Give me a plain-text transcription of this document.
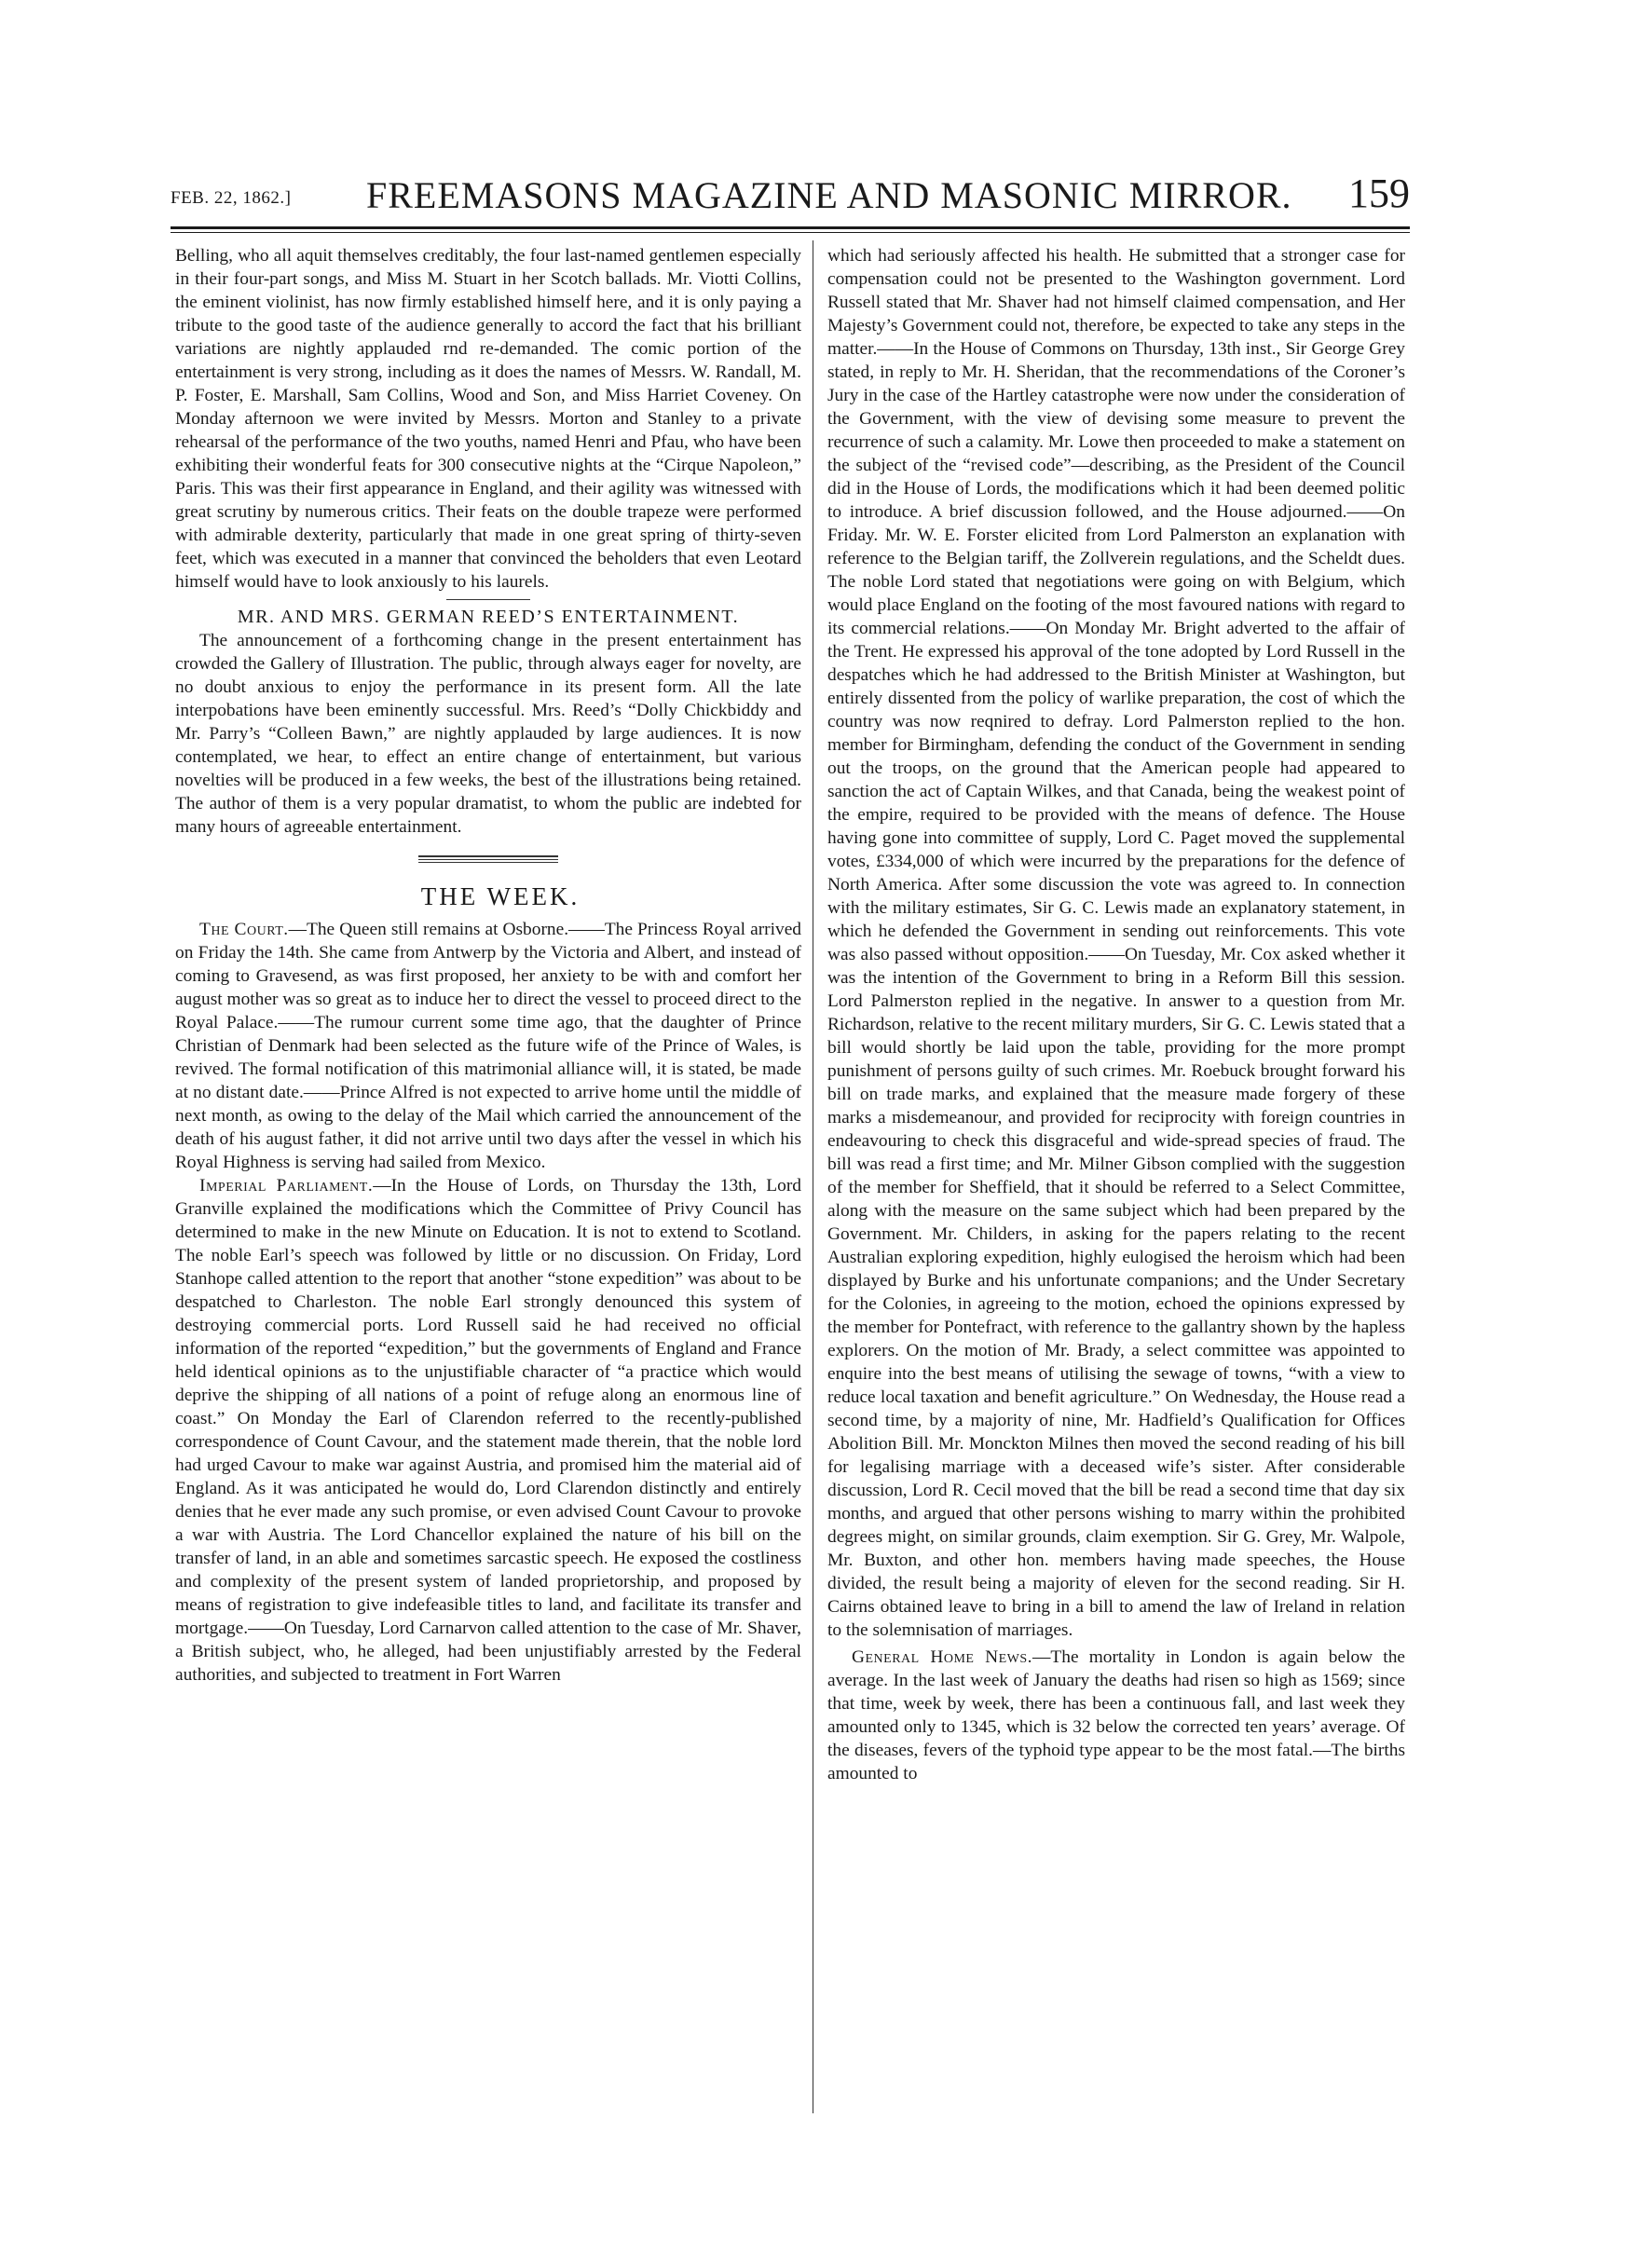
FEB. 22, 1862.] FREEMASONS MAGAZINE AND MASONIC MIRROR. 159

Belling, who all aquit themselves creditably, the four last-named gentlemen especially in their four-part songs, and Miss M. Stuart in her Scotch ballads. Mr. Viotti Collins, the eminent violinist, has now firmly established himself here, and it is only paying a tribute to the good taste of the audience generally to accord the fact that his brilliant variations are nightly applauded rnd re-demanded. The comic portion of the entertainment is very strong, including as it does the names of Messrs. W. Randall, M. P. Foster, E. Marshall, Sam Collins, Wood and Son, and Miss Harriet Coveney. On Monday afternoon we were invited by Messrs. Morton and Stanley to a private rehearsal of the performance of the two youths, named Henri and Pfau, who have been exhibiting their wonderful feats for 300 consecutive nights at the “Cirque Napoleon,” Paris. This was their first appearance in England, and their agility was witnessed with great scrutiny by numerous critics. Their feats on the double trapeze were performed with admirable dexterity, particularly that made in one great spring of thirty-seven feet, which was executed in a manner that convinced the beholders that even Leotard himself would have to look anxiously to his laurels.

MR. AND MRS. GERMAN REED’S ENTERTAINMENT.

The announcement of a forthcoming change in the present entertainment has crowded the Gallery of Illustration. The public, through always eager for novelty, are no doubt anxious to enjoy the performance in its present form. All the late interpobations have been eminently successful. Mrs. Reed’s “Dolly Chickbiddy and Mr. Parry’s “Colleen Bawn,” are nightly applauded by large audiences. It is now contemplated, we hear, to effect an entire change of entertainment, but various novelties will be produced in a few weeks, the best of the illustrations being retained. The author of them is a very popular dramatist, to whom the public are indebted for many hours of agreeable entertainment.

THE WEEK.

The Court.—The Queen still remains at Osborne.——The Princess Royal arrived on Friday the 14th. She came from Antwerp by the Victoria and Albert, and instead of coming to Gravesend, as was first proposed, her anxiety to be with and comfort her august mother was so great as to induce her to direct the vessel to proceed direct to the Royal Palace.——The rumour current some time ago, that the daughter of Prince Christian of Denmark had been selected as the future wife of the Prince of Wales, is revived. The formal notification of this matrimonial alliance will, it is stated, be made at no distant date.——Prince Alfred is not expected to arrive home until the middle of next month, as owing to the delay of the Mail which carried the announcement of the death of his august father, it did not arrive until two days after the vessel in which his Royal Highness is serving had sailed from Mexico.

Imperial Parliament.—In the House of Lords, on Thursday the 13th, Lord Granville explained the modifications which the Committee of Privy Council has determined to make in the new Minute on Education. It is not to extend to Scotland. The noble Earl’s speech was followed by little or no discussion. On Friday, Lord Stanhope called attention to the report that another “stone expedition” was about to be despatched to Charleston. The noble Earl strongly denounced this system of destroying commercial ports. Lord Russell said he had received no official information of the reported “expedition,” but the governments of England and France held identical opinions as to the unjustifiable character of “a practice which would deprive the shipping of all nations of a point of refuge along an enormous line of coast.” On Monday the Earl of Clarendon referred to the recently-published correspondence of Count Cavour, and the statement made therein, that the noble lord had urged Cavour to make war against Austria, and promised him the material aid of England. As it was anticipated he would do, Lord Clarendon distinctly and entirely denies that he ever made any such promise, or even advised Count Cavour to provoke a war with Austria. The Lord Chancellor explained the nature of his bill on the transfer of land, in an able and sometimes sarcastic speech. He exposed the costliness and complexity of the present system of landed proprietorship, and proposed by means of registration to give indefeasible titles to land, and facilitate its transfer and mortgage.——On Tuesday, Lord Carnarvon called attention to the case of Mr. Shaver, a British subject, who, he alleged, had been unjustifiably arrested by the Federal authorities, and subjected to treatment in Fort Warren

which had seriously affected his health. He submitted that a stronger case for compensation could not be presented to the Washington government. Lord Russell stated that Mr. Shaver had not himself claimed compensation, and Her Majesty’s Government could not, therefore, be expected to take any steps in the matter.——In the House of Commons on Thursday, 13th inst., Sir George Grey stated, in reply to Mr. H. Sheridan, that the recommendations of the Coroner’s Jury in the case of the Hartley catastrophe were now under the consideration of the Government, with the view of devising some measure to prevent the recurrence of such a calamity. Mr. Lowe then proceeded to make a statement on the subject of the “revised code”—describing, as the President of the Council did in the House of Lords, the modifications which it had been deemed politic to introduce. A brief discussion followed, and the House adjourned.——On Friday. Mr. W. E. Forster elicited from Lord Palmerston an explanation with reference to the Belgian tariff, the Zollverein regulations, and the Scheldt dues. The noble Lord stated that negotiations were going on with Belgium, which would place England on the footing of the most favoured nations with regard to its commercial relations.——On Monday Mr. Bright adverted to the affair of the Trent. He expressed his approval of the tone adopted by Lord Russell in the despatches which he had addressed to the British Minister at Washington, but entirely dissented from the policy of warlike preparation, the cost of which the country was now reqnired to defray. Lord Palmerston replied to the hon. member for Birmingham, defending the conduct of the Government in sending out the troops, on the ground that the American people had appeared to sanction the act of Captain Wilkes, and that Canada, being the weakest point of the empire, required to be provided with the means of defence. The House having gone into committee of supply, Lord C. Paget moved the supplemental votes, £334,000 of which were incurred by the preparations for the defence of North America. After some discussion the vote was agreed to. In connection with the military estimates, Sir G. C. Lewis made an explanatory statement, in which he defended the Government in sending out reinforcements. This vote was also passed without opposition.——On Tuesday, Mr. Cox asked whether it was the intention of the Government to bring in a Reform Bill this session. Lord Palmerston replied in the negative. In answer to a question from Mr. Richardson, relative to the recent military murders, Sir G. C. Lewis stated that a bill would shortly be laid upon the table, providing for the more prompt punishment of persons guilty of such crimes. Mr. Roebuck brought forward his bill on trade marks, and explained that the measure made forgery of these marks a misdemeanour, and provided for reciprocity with foreign countries in endeavouring to check this disgraceful and wide-spread species of fraud. The bill was read a first time; and Mr. Milner Gibson complied with the suggestion of the member for Sheffield, that it should be referred to a Select Committee, along with the measure on the same subject which had been prepared by the Government. Mr. Childers, in asking for the papers relating to the recent Australian exploring expedition, highly eulogised the heroism which had been displayed by Burke and his unfortunate companions; and the Under Secretary for the Colonies, in agreeing to the motion, echoed the opinions expressed by the member for Pontefract, with reference to the gallantry shown by the hapless explorers. On the motion of Mr. Brady, a select committee was appointed to enquire into the best means of utilising the sewage of towns, “with a view to reduce local taxation and benefit agriculture.” On Wednesday, the House read a second time, by a majority of nine, Mr. Hadfield’s Qualification for Offices Abolition Bill. Mr. Monckton Milnes then moved the second reading of his bill for legalising marriage with a deceased wife’s sister. After considerable discussion, Lord R. Cecil moved that the bill be read a second time that day six months, and argued that other persons wishing to marry within the prohibited degrees might, on similar grounds, claim exemption. Sir G. Grey, Mr. Walpole, Mr. Buxton, and other hon. members having made speeches, the House divided, the result being a majority of eleven for the second reading. Sir H. Cairns obtained leave to bring in a bill to amend the law of Ireland in relation to the solemnisation of marriages.

General Home News.—The mortality in London is again below the average. In the last week of January the deaths had risen so high as 1569; since that time, week by week, there has been a continuous fall, and last week they amounted only to 1345, which is 32 below the corrected ten years’ average. Of the diseases, fevers of the typhoid type appear to be the most fatal.—The births amounted to
